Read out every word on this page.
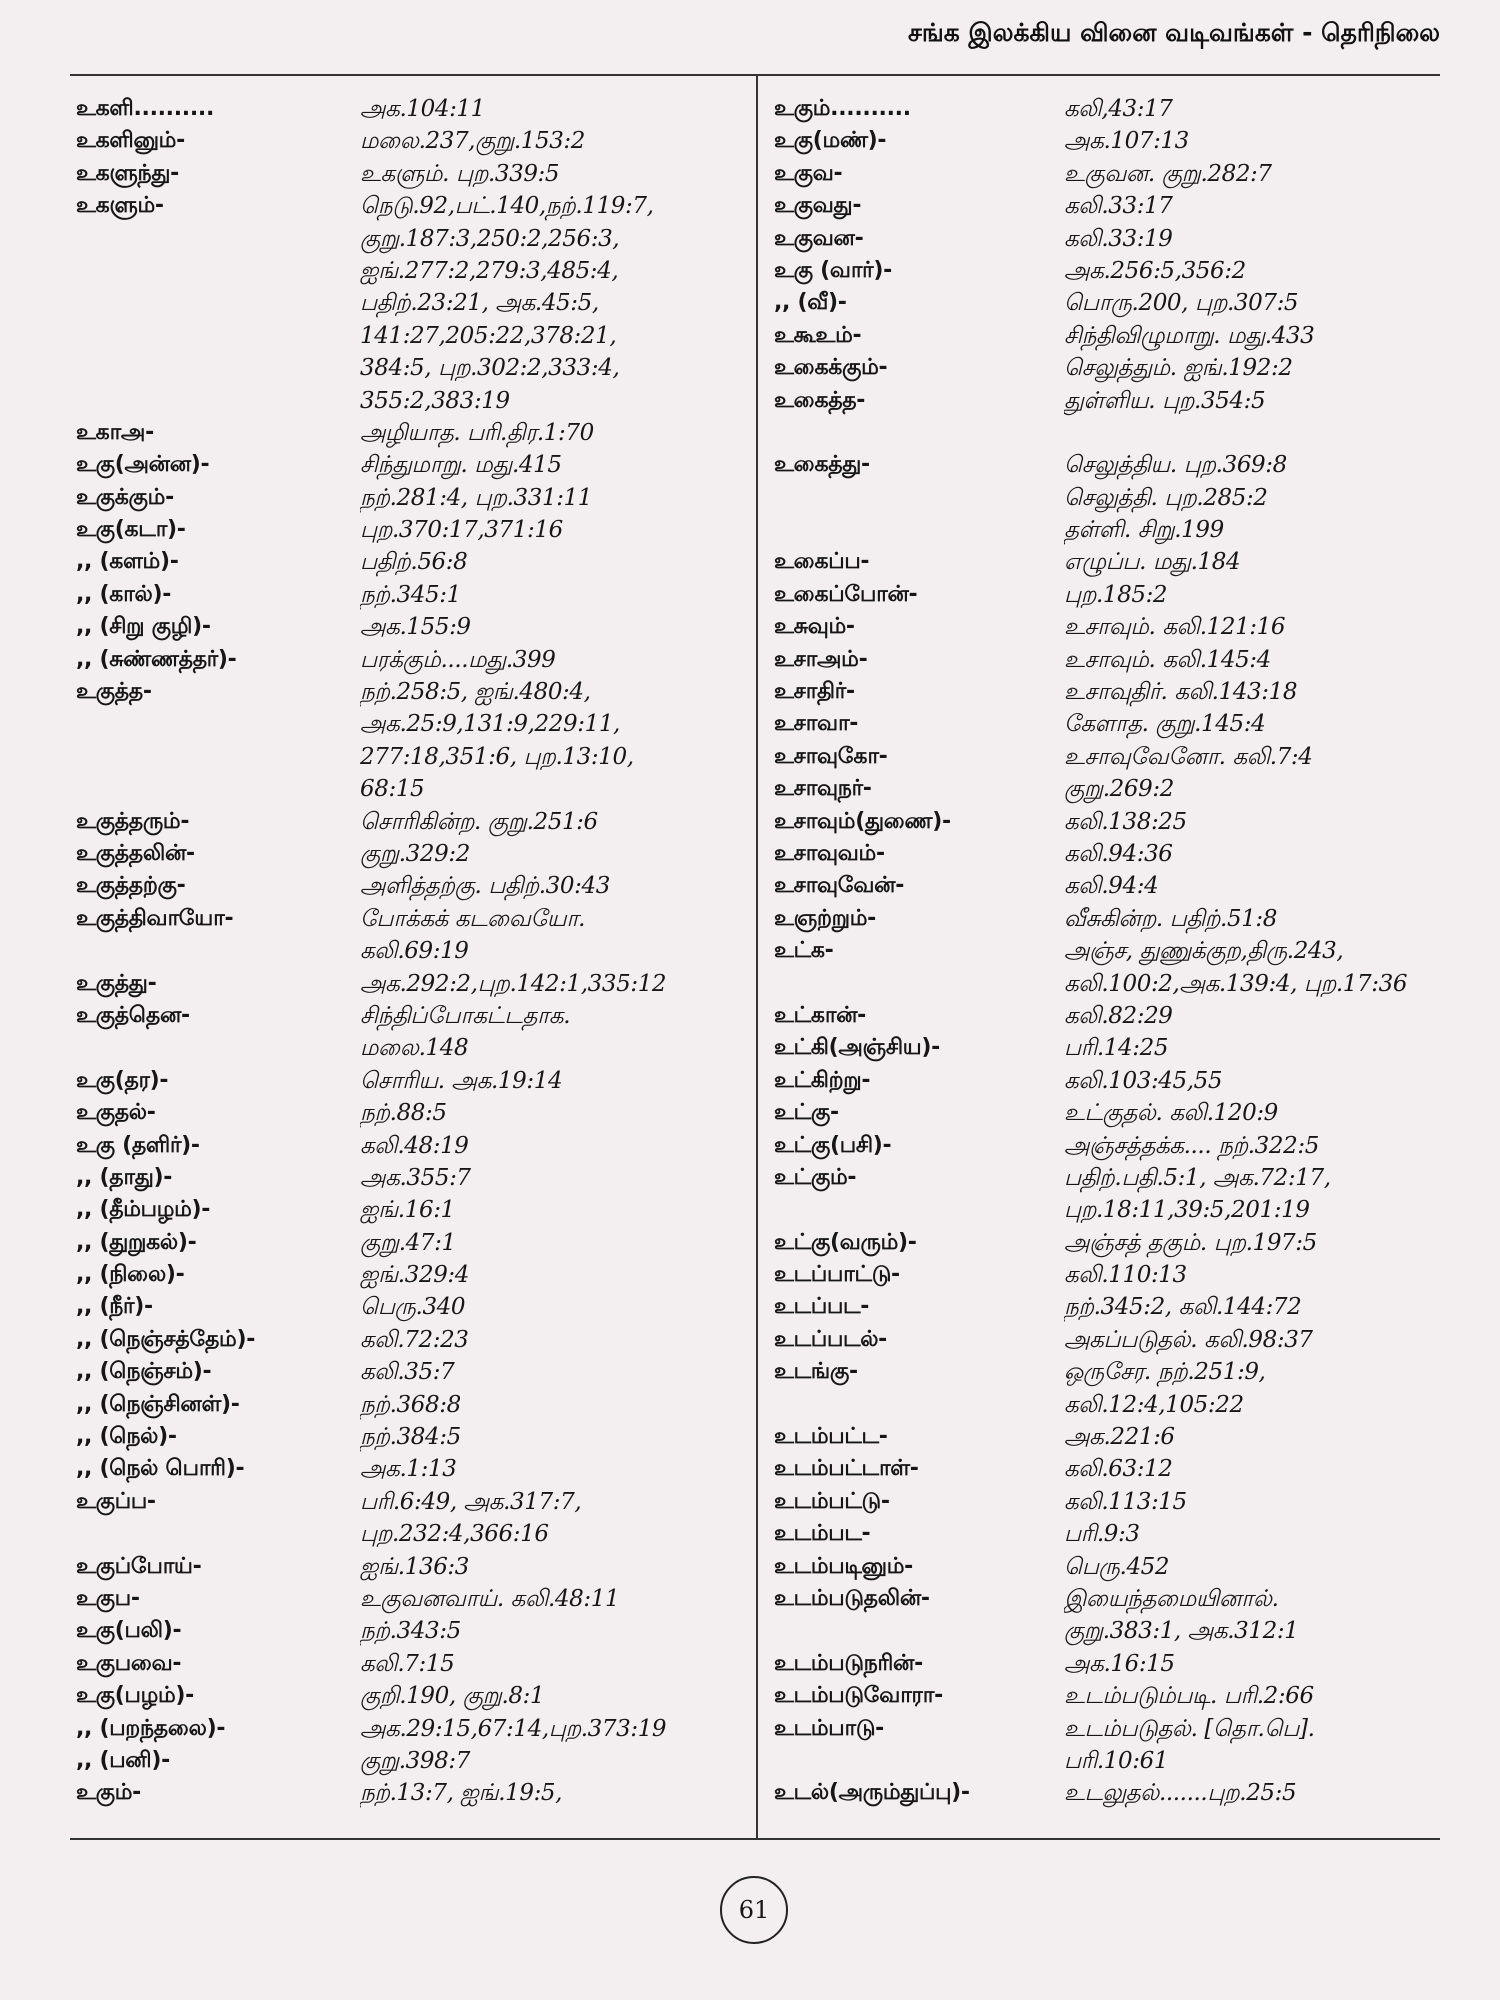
சங்க இலக்கிய வினை வடிவங்கள் - தெரிநிலை
உகளி..........	அக.104:11
உகளினும்-	மலை.237,குறு.153:2
உகளுந்து-	உகளும். புற.339:5
உகளும்-	நெடு.92,பட்.140,நற்.119:7,
குறு.187:3,250:2,256:3,
ஐங்.277:2,279:3,485:4,
பதிற்.23:21, அக.45:5,
141:27,205:22,378:21,
384:5, புற.302:2,333:4,
355:2,383:19
உகாஅ-	அழியாத. பரி.திர.1:70
உகு(அன்ன)-	சிந்துமாறு. மது.415
உகுக்கும்-	நற்.281:4, புற.331:11
உகு(கடா)-	புற.370:17,371:16
,, (களம்)-	பதிற்.56:8
,, (கால்)-	நற்.345:1
,, (சிறு குழி)-	அக.155:9
,, (சுண்ணத்தர்)-	பரக்கும்....மது.399
உகுத்த-	நற்.258:5, ஐங்.480:4,
அக.25:9,131:9,229:11,
277:18,351:6, புற.13:10,
68:15
உகுத்தரும்-	சொரிகின்ற. குறு.251:6
உகுத்தலின்-	குறு.329:2
உகுத்தற்கு-	அளித்தற்கு. பதிற்.30:43
உகுத்திவாயோ-	போக்கக் கடவையோ.
கலி.69:19
உகுத்து-	அக.292:2,புற.142:1,335:12
உகுத்தென-	சிந்திப்போகட்டதாக.
மலை.148
உகு(தர)-	சொரிய. அக.19:14
உகுதல்-	நற்.88:5
உகு (தளிர்)-	கலி.48:19
,, (தாது)-	அக.355:7
,, (தீம்பழம்)-	ஐங்.16:1
,, (துறுகல்)-	குறு.47:1
,, (நிலை)-	ஐங்.329:4
,, (நீர்)-	பெரு.340
,, (நெஞ்சத்தேம்)-	கலி.72:23
,, (நெஞ்சம்)-	கலி.35:7
,, (நெஞ்சினள்)-	நற்.368:8
,, (நெல்)-	நற்.384:5
,, (நெல் பொரி)-	அக.1:13
உகுப்ப-	பரி.6:49, அக.317:7,
புற.232:4,366:16
உகுப்போய்-	ஐங்.136:3
உகுப-	உகுவனவாய். கலி.48:11
உகு(பலி)-	நற்.343:5
உகுபவை-	கலி.7:15
உகு(பழம்)-	குறி.190, குறு.8:1
,, (பறந்தலை)-	அக.29:15,67:14,புற.373:19
,, (பனி)-	குறு.398:7
உகும்-	நற்.13:7, ஐங்.19:5,
உகும்..........	கலி,43:17
உகு(மண்)-	அக.107:13
உகுவ-	உகுவன. குறு.282:7
உகுவது-	கலி.33:17
உகுவன-	கலி.33:19
உகு (வார்)-	அக.256:5,356:2
,, (வீ)-	பொரு.200, புற.307:5
உகூஉம்-	சிந்திவிழுமாறு. மது.433
உகைக்கும்-	செலுத்தும். ஐங்.192:2
உகைத்த-	துள்ளிய. புற.354:5
உகைத்து-	செலுத்திய. புற.369:8
செலுத்தி. புற.285:2
தள்ளி. சிறு.199
உகைப்ப-	எழுப்ப. மது.184
உகைப்போன்-	புற.185:2
உசுவும்-	உசாவும். கலி.121:16
உசாஅம்-	உசாவும். கலி.145:4
உசாதிர்-	உசாவுதிர். கலி.143:18
உசாவா-	கேளாத. குறு.145:4
உசாவுகோ-	உசாவுவேனோ. கலி.7:4
உசாவுநர்-	குறு.269:2
உசாவும்(துணை)-	கலி.138:25
உசாவுவம்-	கலி.94:36
உசாவுவேன்-	கலி.94:4
உஞற்றும்-	வீசுகின்ற. பதிற்.51:8
உட்க-	அஞ்ச, துணுக்குற,திரு.243,
கலி.100:2,அக.139:4, புற.17:36
உட்கான்-	கலி.82:29
உட்கி(அஞ்சிய)-	பரி.14:25
உட்கிற்று-	கலி.103:45,55
உட்கு-	உட்குதல். கலி.120:9
உட்கு(பசி)-	அஞ்சத்தக்க.... நற்.322:5
உட்கும்-	பதிற்.பதி.5:1, அக.72:17,
புற.18:11,39:5,201:19
உட்கு(வரும்)-	அஞ்சத் தகும். புற.197:5
உடப்பாட்டு-	கலி.110:13
உடப்பட-	நற்.345:2, கலி.144:72
உடப்படல்-	அகப்படுதல். கலி.98:37
உடங்கு-	ஒருசேர. நற்.251:9,
கலி.12:4,105:22
உடம்பட்ட-	அக.221:6
உடம்பட்டாள்-	கலி.63:12
உடம்பட்டு-	கலி.113:15
உடம்பட-	பரி.9:3
உடம்படினும்-	பெரு.452
உடம்படுதலின்-	இயைந்தமையினால்.
குறு.383:1, அக.312:1
உடம்படுநரின்-	அக.16:15
உடம்படுவோரா-	உடம்படும்படி. பரி.2:66
உடம்பாடு-	உடம்படுதல். [தொ.பெ].
பரி.10:61
உடல்(அரும்துப்பு)-	உடலுதல்.......புற.25:5
61
